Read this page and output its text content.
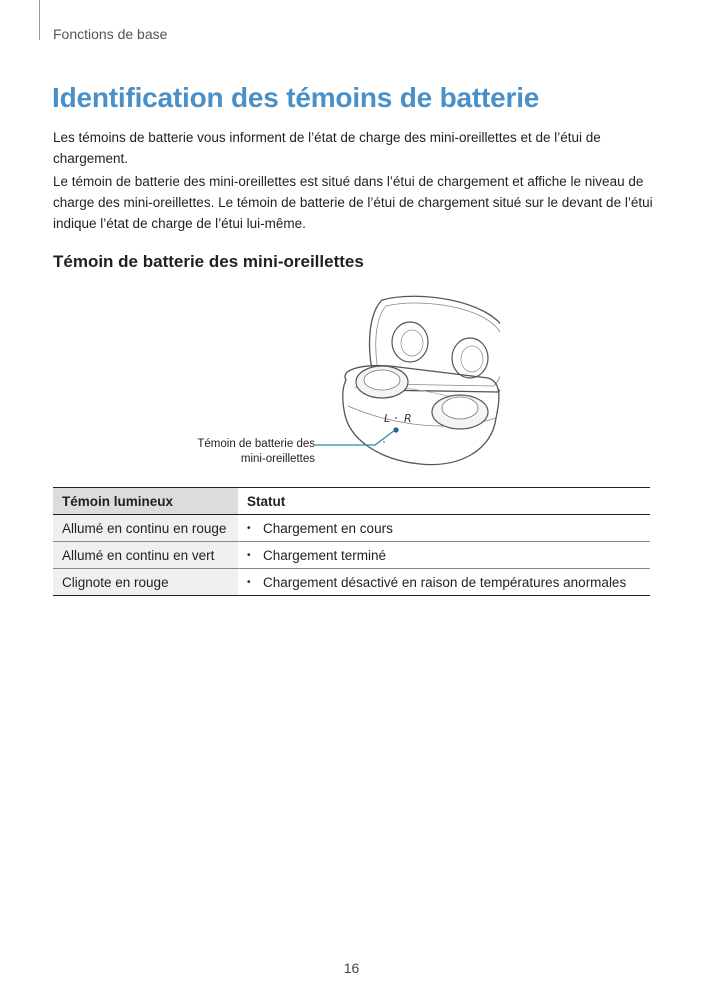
Fonctions de base
Identification des témoins de batterie

Les témoins de batterie vous informent de l’état de charge des mini-oreillettes et de l’étui de chargement.

Le témoin de batterie des mini-oreillettes est situé dans l’étui de chargement et affiche le niveau de charge des mini-oreillettes. Le témoin de batterie de l’étui de chargement situé sur le devant de l’étui indique l’état de charge de l’étui lui-même.

Témoin de batterie des mini-oreillettes
L R
Témoin de batterie des mini-oreillettes
Témoin lumineux	Statut
Allumé en continu en rouge	• Chargement en cours
Allumé en continu en vert	• Chargement terminé
Clignote en rouge	• Chargement désactivé en raison de températures anormales
16
